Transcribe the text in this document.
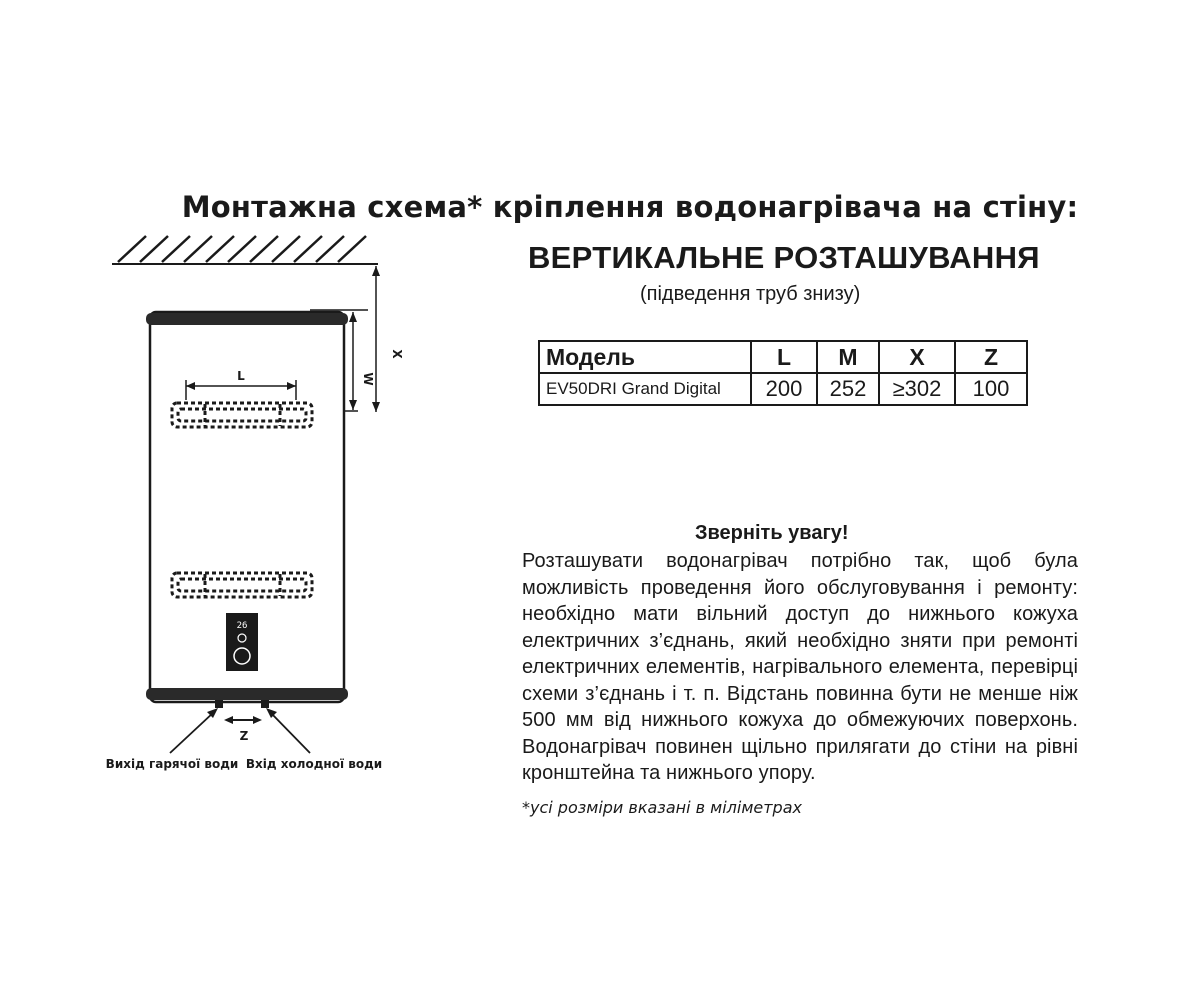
X
W
L
26
Z
Вихід гарячої води Вхід холодної води
Монтажна схема* кріплення водонагрівача на стіну:
ВЕРТИКАЛЬНЕ РОЗТАШУВАННЯ
(підведення труб знизу)
Модель	L	M	X	Z
EV50DRI Grand Digital	200	252	≥302	100
Зверніть увагу!
Розташувати водонагрівач потрібно так, щоб була можливість проведення його обслуговування і ремонту: необхідно мати вільний доступ до нижнього кожуха електричних з’єднань, який необхідно зняти при ремонті електричних елементів, нагрівального елемента, перевірці схеми з’єднань і т. п. Відстань повинна бути не менше ніж 500 мм від нижнього кожуха до обмежуючих поверхонь. Водонагрівач повинен щільно прилягати до стіни на рівні кронштейна та нижнього упору.
*усі розміри вказані в міліметрах
